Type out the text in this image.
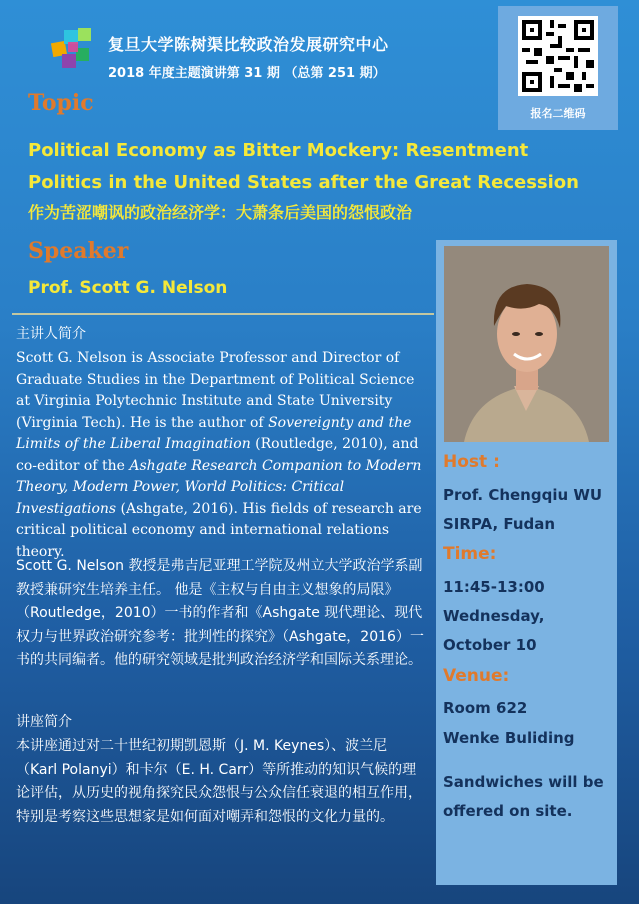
复旦大学陈树渠比较政治发展研究中心
2018 年度主题演讲第 31 期 （总第 251 期）
报名二维码
Topic
Political Economy as Bitter Mockery: Resentment Politics in the United States after the Great Recession
作为苦涩嘲讽的政治经济学：大萧条后美国的怨恨政治
Speaker
Prof. Scott G. Nelson
主讲人简介
Scott G. Nelson is Associate Professor and Director of Graduate Studies in the Department of Political Science at Virginia Polytechnic Institute and State University (Virginia Tech). He is the author of Sovereignty and the Limits of the Liberal Imagination (Routledge, 2010), and co-editor of the Ashgate Research Companion to Modern Theory, Modern Power, World Politics: Critical Investigations (Ashgate, 2016). His fields of research are critical political economy and international relations theory.
Scott G. Nelson 教授是弗吉尼亚理工学院及州立大学政治学系副教授兼研究生培养主任。 他是《主权与自由主义想象的局限》（Routledge，2010）一书的作者和《Ashgate 现代理论、现代权力与世界政治研究参考：批判性的探究》（Ashgate，2016）一书的共同编者。他的研究领域是批判政治经济学和国际关系理论。
讲座简介
本讲座通过对二十世纪初期凯恩斯（J. M. Keynes）、波兰尼（Karl Polanyi）和卡尔（E. H. Carr）等所推动的知识气候的理论评估，从历史的视角探究民众怨恨与公众信任衰退的相互作用，特别是考察这些思想家是如何面对嘲弄和怨恨的文化力量的。
Host :
Prof. Chengqiu WU
SIRPA, Fudan
Time:
11:45-13:00
Wednesday,
October 10
Venue:
Room 622
Wenke Buliding
Sandwiches will be offered on site.
